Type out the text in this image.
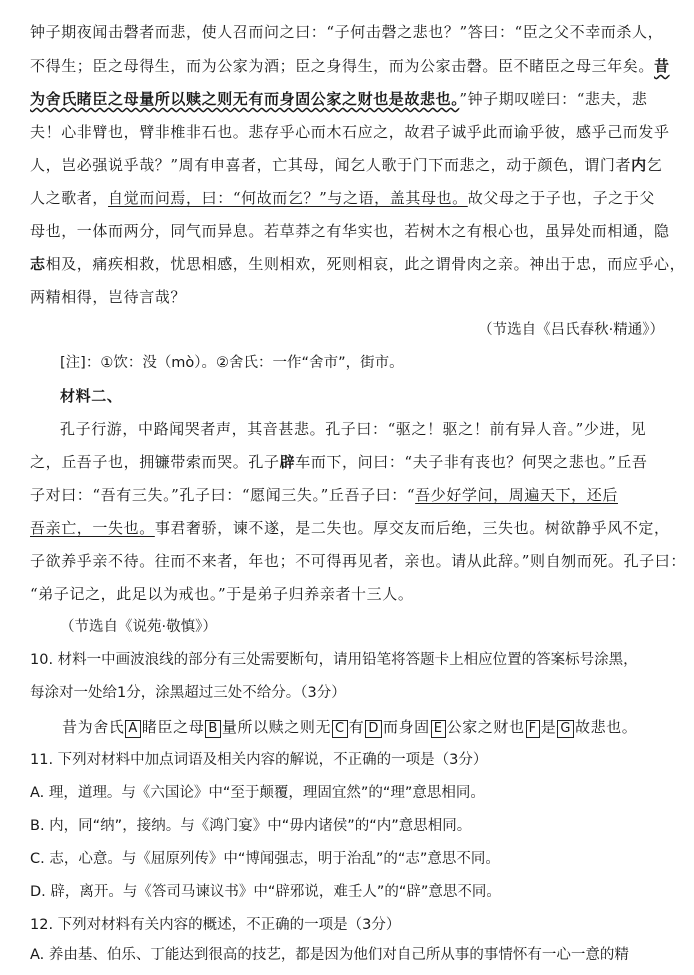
钟子期夜闻击磬者而悲，使人召而问之曰：“子何击磬之悲也？”答曰：“臣之父不幸而杀人，
不得生；臣之母得生，而为公家为酒；臣之身得生，而为公家击磬。臣不睹臣之母三年矣。昔
为舍氏睹臣之母量所以赎之则无有而身固公家之财也是故悲也。”钟子期叹嗟曰：“悲夫，悲
夫！心非臂也，臂非椎非石也。悲存乎心而木石应之，故君子诚乎此而谕乎彼，感乎己而发乎
人，岂必强说乎哉？”周有申喜者，亡其母，闻乞人歌于门下而悲之，动于颜色，谓门者内乞
人之歌者，自觉而问焉，曰：“何故而乞？”与之语，盖其母也。故父母之于子也，子之于父
母也，一体而两分，同气而异息。若草莽之有华实也，若树木之有根心也，虽异处而相通，隐
志相及，痛疾相救，忧思相感，生则相欢，死则相哀，此之谓骨肉之亲。神出于忠，而应乎心，
两精相得，岂待言哉？
（节选自《吕氏春秋·精通》）
[注]：①饮：没（mò）。②舍氏：一作“舍市”，街市。
材料二、
孔子行游，中路闻哭者声，其音甚悲。孔子曰：“驱之！驱之！前有异人音。”少进，见
之，丘吾子也，拥镰带索而哭。孔子辟车而下，问曰：“夫子非有丧也？何哭之悲也。”丘吾
子对曰：“吾有三失。”孔子曰：“愿闻三失。”丘吾子曰：“吾少好学问，周遍天下，还后
吾亲亡，一失也。事君奢骄，谏不遂，是二失也。厚交友而后绝，三失也。树欲静乎风不定，
子欲养乎亲不待。往而不来者，年也；不可得再见者，亲也。请从此辞。”则自刎而死。孔子曰：
“弟子记之，此足以为戒也。”于是弟子归养亲者十三人。
（节选自《说苑·敬慎》）
10. 材料一中画波浪线的部分有三处需要断句，请用铅笔将答题卡上相应位置的答案标号涂黑，
每涂对一处给1分，涂黑超过三处不给分。（3分）
昔为舍氏 A 睹臣之母 B 量所以赎之则无 C 有 D 而身固 E 公家之财也 F 是 G 故悲也。
11. 下列对材料中加点词语及相关内容的解说，不正确的一项是（3分）
A. 理，道理。与《六国论》中“至于颠覆，理固宜然”的“理”意思相同。
B. 内，同“纳”，接纳。与《鸿门宴》中“毋内诸侯”的“内”意思相同。
C. 志，心意。与《屈原列传》中“博闻强志，明于治乱”的“志”意思不同。
D. 辟，离开。与《答司马谏议书》中“辟邪说，难壬人”的“辟”意思不同。
12. 下列对材料有关内容的概述，不正确的一项是（3分）
A. 养由基、伯乐、丁能达到很高的技艺，都是因为他们对自己所从事的事情怀有一心一意的精
